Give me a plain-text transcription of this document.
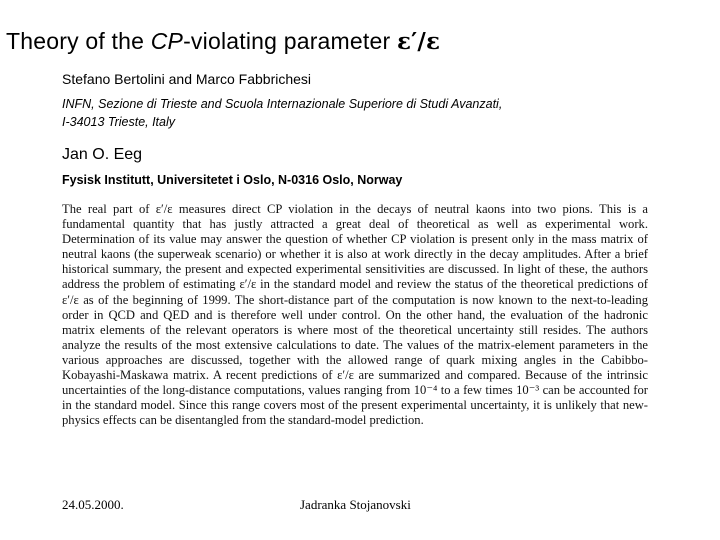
Theory of the CP-violating parameter ε′/ε
Stefano Bertolini and Marco Fabbrichesi
INFN, Sezione di Trieste and Scuola Internazionale Superiore di Studi Avanzati,
I-34013 Trieste, Italy
Jan O. Eeg
Fysisk Institutt, Universitetet i Oslo, N-0316 Oslo, Norway

The real part of ε′/ε measures direct CP violation in the decays of neutral kaons into two pions. This is a fundamental quantity that has justly attracted a great deal of theoretical as well as experimental work. Determination of its value may answer the question of whether CP violation is present only in the mass matrix of neutral kaons (the superweak scenario) or whether it is also at work directly in the decay amplitudes. After a brief historical summary, the present and expected experimental sensitivities are discussed. In light of these, the authors address the problem of estimating ε′/ε in the standard model and review the status of the theoretical predictions of ε′/ε as of the beginning of 1999. The short-distance part of the computation is now known to the next-to-leading order in QCD and QED and is therefore well under control. On the other hand, the evaluation of the hadronic matrix elements of the relevant operators is where most of the theoretical uncertainty still resides. The authors analyze the results of the most extensive calculations to date. The values of the matrix-element parameters in the various approaches are discussed, together with the allowed range of quark mixing angles in the Cabibbo-Kobayashi-Maskawa matrix. A recent predictions of ε′/ε are summarized and compared. Because of the intrinsic uncertainties of the long-distance computations, values ranging from 10⁻⁴ to a few times 10⁻³ can be accounted for in the standard model. Since this range covers most of the present experimental uncertainty, it is unlikely that new-physics effects can be disentangled from the standard-model prediction.

24.05.2000.	Jadranka Stojanovski
